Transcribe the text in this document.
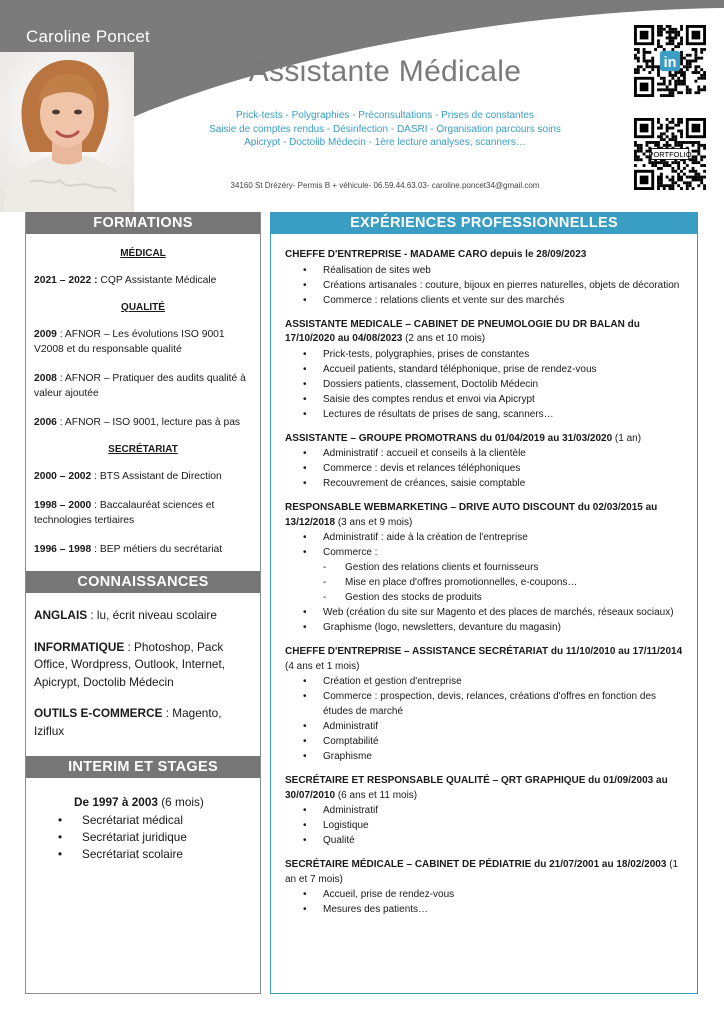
Caroline Poncet
Assistante Médicale
Prick-tests - Polygraphies - Préconsultations - Prises de constantes
Saisie de comptes rendus - Désinfection - DASRI - Organisation parcours soins
Apicrypt - Doctolib Médecin - 1ère lecture analyses, scanners…
34160 St Drézéry- Permis B + véhicule- 06.59.44.63.03- caroline.poncet34@gmail.com
in
PORTFOLIO
FORMATIONS
MÉDICAL
2021 – 2022 : CQP Assistante Médicale
QUALITÉ
2009 : AFNOR – Les évolutions ISO 9001 V2008 et du responsable qualité
2008 : AFNOR – Pratiquer des audits qualité à valeur ajoutée
2006 : AFNOR – ISO 9001, lecture pas à pas
SECRÉTARIAT
2000 – 2002 : BTS Assistant de Direction
1998 – 2000 : Baccalauréat sciences et technologies tertiaires
1996 – 1998 : BEP métiers du secrétariat
CONNAISSANCES
ANGLAIS : lu, écrit niveau scolaire
INFORMATIQUE : Photoshop, Pack Office, Wordpress, Outlook, Internet, Apicrypt, Doctolib Médecin
OUTILS E-COMMERCE : Magento, Iziflux
INTERIM ET STAGES
De 1997 à 2003 (6 mois)
• Secrétariat médical
• Secrétariat juridique
• Secrétariat scolaire
EXPÉRIENCES PROFESSIONNELLES
CHEFFE D'ENTREPRISE - MADAME CARO depuis le 28/09/2023
• Réalisation de sites web
• Créations artisanales : couture, bijoux en pierres naturelles, objets de décoration
• Commerce : relations clients et vente sur des marchés
ASSISTANTE MEDICALE – CABINET DE PNEUMOLOGIE DU DR BALAN du 17/10/2020 au 04/08/2023 (2 ans et 10 mois)
• Prick-tests, polygraphies, prises de constantes
• Accueil patients, standard téléphonique, prise de rendez-vous
• Dossiers patients, classement, Doctolib Médecin
• Saisie des comptes rendus et envoi via Apicrypt
• Lectures de résultats de prises de sang, scanners…
ASSISTANTE – GROUPE PROMOTRANS du 01/04/2019 au 31/03/2020 (1 an)
• Administratif : accueil et conseils à la clientèle
• Commerce : devis et relances téléphoniques
• Recouvrement de créances, saisie comptable
RESPONSABLE WEBMARKETING – DRIVE AUTO DISCOUNT du 02/03/2015 au 13/12/2018 (3 ans et 9 mois)
• Administratif : aide à la création de l'entreprise
• Commerce :
- Gestion des relations clients et fournisseurs
- Mise en place d'offres promotionnelles, e-coupons…
- Gestion des stocks de produits
• Web (création du site sur Magento et des places de marchés, réseaux sociaux)
• Graphisme (logo, newsletters, devanture du magasin)
CHEFFE D'ENTREPRISE – ASSISTANCE SECRÉTARIAT du 11/10/2010 au 17/11/2014 (4 ans et 1 mois)
• Création et gestion d'entreprise
• Commerce : prospection, devis, relances, créations d'offres en fonction des études de marché
• Administratif
• Comptabilité
• Graphisme
SECRÉTAIRE ET RESPONSABLE QUALITÉ – QRT GRAPHIQUE du 01/09/2003 au 30/07/2010 (6 ans et 11 mois)
• Administratif
• Logistique
• Qualité
SECRÉTAIRE MÉDICALE – CABINET DE PÉDIATRIE du 21/07/2001 au 18/02/2003 (1 an et 7 mois)
• Accueil, prise de rendez-vous
• Mesures des patients…
